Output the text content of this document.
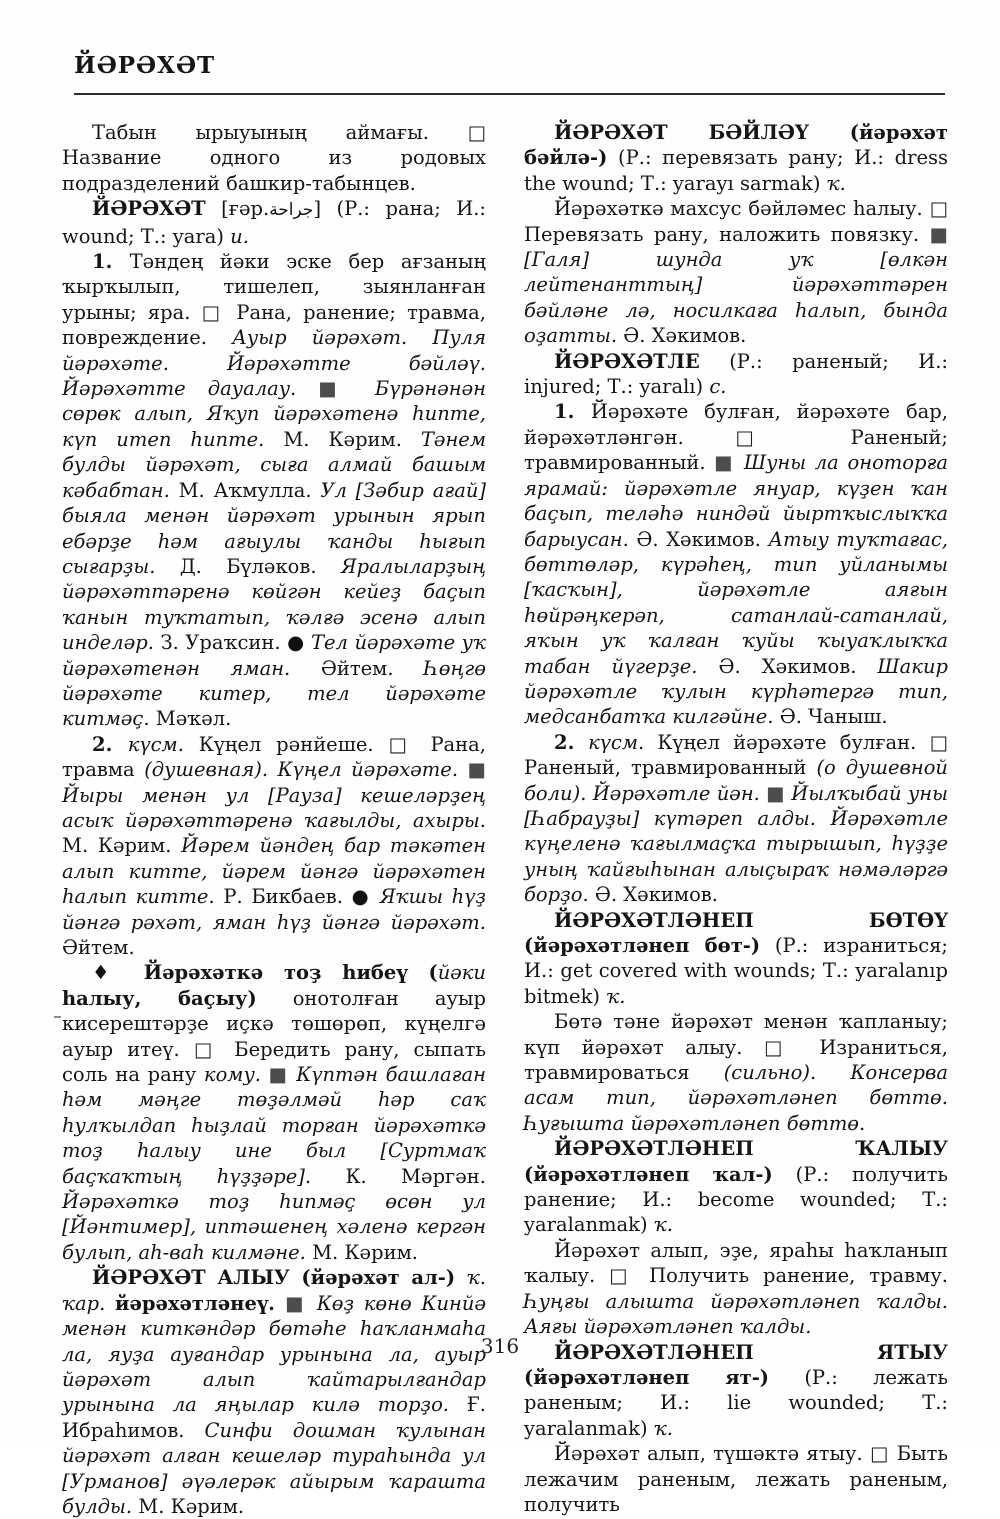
ЙӘРӘХӘТ

Табын ырыуының аймағы. □ Название одного из родовых подразделений башкир-табынцев.

ЙӘРӘХӘТ [ғәр.جراحة] (Р.: рана; И.: wound; Т.: yara) и.

1. Тәндең йәки эске бер ағзаның ҡырҡылып, тишелеп, зыянланған урыны; яра. □ Рана, ранение; травма, повреждение. Ауыр йәрәхәт. Пуля йәрәхәте. Йәрәхәтте бәйләү. Йәрәхәтте дауалау. ■ Бүрәнәнән сөрөк алып, Яҡуп йәрәхәтенә һипте, күп итеп һипте. М. Кәрим. Тәнем булды йәрәхәт, сыға алмай башым кәбабтан. М. Аҡмулла. Ул [Зәбир ағай] быяла менән йәрәхәт урынын ярып ебәрҙе һәм ағыулы ҡанды һығып сығарҙы. Д. Бүләков. Яралыларҙың йәрәхәттәренә көйгән кейеҙ баҫып ҡанын туҡтатып, ҡәлғә эсенә алып инделәр. З. Ураҡсин. ● Тел йәрәхәте уҡ йәрәхәтенән яман. Әйтем. Һөңгө йәрәхәте китер, тел йәрәхәте китмәҫ. Мәҡәл.

2. күсм. Күңел рәнйеше. □ Рана, травма (душевная). Күңел йәрәхәте. ■ Йыры менән ул [Рауза] кешеләрҙең асыҡ йәрәхәттәренә ҡағылды, ахыры. М. Кәрим. Йәрем йәндең бар тәкәтен алып китте, йәрем йәнгә йәрәхәтен һалып китте. Р. Бикбаев. ● Яҡшы һүҙ йәнгә рәхәт, яман һүҙ йәнгә йәрәхәт. Әйтем.

♦ Йәрәхәткә тоҙ һибеү (йәки һалыу, баҫыу) онотолған ауыр кисерештәрҙе иҫкә төшөрөп, күңелгә ауыр итеү. □ Бередить рану, сыпать соль на рану кому. ■ Күптән башлаған һәм мәңге төҙәлмәй һәр саҡ һулҡылдап һыҙлай торған йәрәхәткә тоҙ һалыу ине был [Суртмаҡ баҫҡаҡтың һүҙҙәре]. К. Мәргән. Йәрәхәткә тоҙ һипмәҫ өсөн ул [Йәнтимер], иптәшенең хәленә кергән булып, аһ-ваһ килмәне. М. Кәрим.

ЙӘРӘХӘТ АЛЫУ (йәрәхәт ал-) ҡ. ҡар. йәрәхәтләнеү. ■ Көҙ көнө Кинйә менән киткәндәр бөтәһе һаҡланмаһа ла, яуҙа ауғандар урынына ла, ауыр йәрәхәт алып ҡайтарылғандар урынына ла яңылар килә торҙо. Ғ. Ибраһимов. Синфи дошман ҡулынан йәрәхәт алған кешеләр тураһында ул [Урманов] әүәлерәк айырым ҡарашта булды. М. Кәрим.

ЙӘРӘХӘТ БӘЙЛӘҮ (йәрәхәт бәйлә-) (Р.: перевязать рану; И.: dress the wound; Т.: yarayı sarmak) ҡ.

Йәрәхәткә махсус бәйләмес һалыу. □ Перевязать рану, наложить повязку. ■ [Галя] шунда уҡ [өлкән лейтенанттың] йәрәхәттәрен бәйләне лә, носилкаға һалып, бында оҙатты. Ә. Хәкимов.

ЙӘРӘХӘТЛЕ (Р.: раненый; И.: injured; Т.: yaralı) с.

1. Йәрәхәте булған, йәрәхәте бар, йәрәхәтләнгән. □ Раненый; травмированный. ■ Шуны ла оноторға ярамай: йәрәхәтле януар, күҙен ҡан баҫып, теләһә ниндәй йыртҡыслыҡҡа барыусан. Ә. Хәкимов. Атыу туҡтағас, бөттөләр, күрәһең, тип уйланымы [ҡасҡын], йәрәхәтле аяғын һөйрәңкерәп, сатанлай-сатанлай, яҡын уҡ ҡалған ҡуйы ҡыуаҡлыҡҡа табан йүгерҙе. Ә. Хәкимов. Шакир йәрәхәтле ҡулын күрһәтергә тип, медсанбатҡа килгәйне. Ә. Чаныш.

2. күсм. Күңел йәрәхәте булған. □ Раненый, травмированный (о душевной боли). Йәрәхәтле йән. ■ Йылҡыбай уны [Һабрауҙы] күтәреп алды. Йәрәхәтле күңеленә ҡағылмаҫҡа тырышып, һүҙҙе уның ҡайғыһынан алыҫыраҡ нәмәләргә борҙо. Ә. Хәкимов.

ЙӘРӘХӘТЛӘНЕП БӨТӨҮ (йәрәхәтләнеп бөт-) (Р.: израниться; И.: get covered with wounds; Т.: yaralanıp bitmek) ҡ.

Бөтә тәне йәрәхәт менән ҡапланыу; күп йәрәхәт алыу. □ Израниться, травмироваться (сильно). Консерва асам тип, йәрәхәтләнеп бөттө. Һуғышта йәрәхәтләнеп бөттө.

ЙӘРӘХӘТЛӘНЕП ҠАЛЫУ (йәрәхәтләнеп ҡал-) (Р.: получить ранение; И.: become wounded; Т.: yaralanmak) ҡ.

Йәрәхәт алып, эҙе, яраһы һаҡланып ҡалыу. □ Получить ранение, травму. Һуңғы алышта йәрәхәтләнеп ҡалды. Аяғы йәрәхәтләнеп ҡалды.

ЙӘРӘХӘТЛӘНЕП ЯТЫУ (йәрәхәтләнеп ят-) (Р.: лежать раненым; И.: lie wounded; Т.: yaralanmak) ҡ.

Йәрәхәт алып, түшәктә ятыу. □ Быть лежачим раненым, лежать раненым, получить

316
